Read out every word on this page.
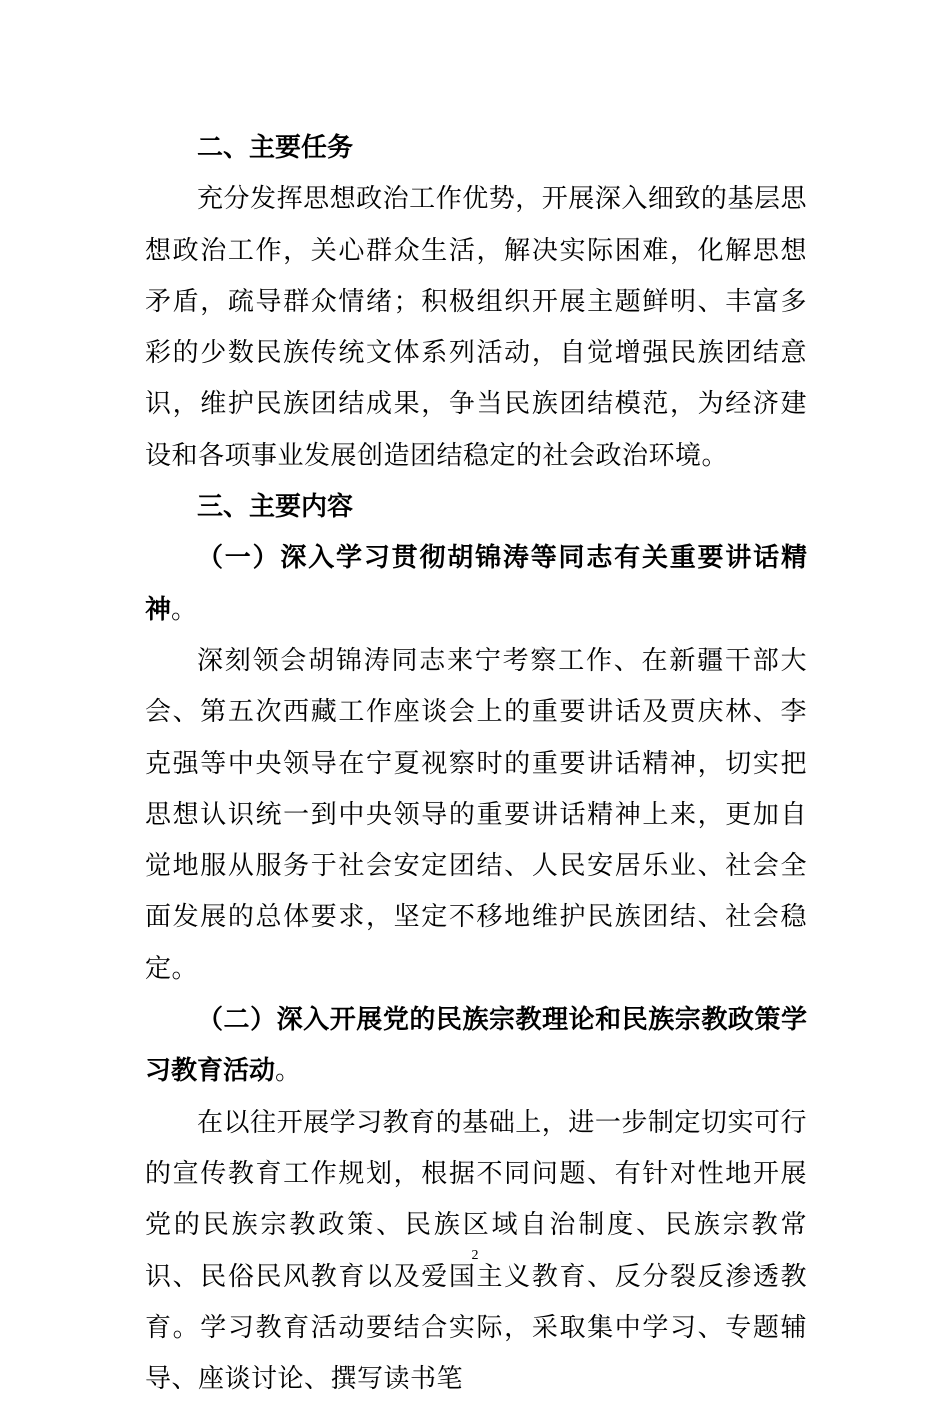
二、主要任务

充分发挥思想政治工作优势，开展深入细致的基层思想政治工作，关心群众生活，解决实际困难，化解思想矛盾，疏导群众情绪；积极组织开展主题鲜明、丰富多彩的少数民族传统文体系列活动，自觉增强民族团结意识，维护民族团结成果，争当民族团结模范，为经济建设和各项事业发展创造团结稳定的社会政治环境。

三、主要内容

（一）深入学习贯彻胡锦涛等同志有关重要讲话精神。

深刻领会胡锦涛同志来宁考察工作、在新疆干部大会、第五次西藏工作座谈会上的重要讲话及贾庆林、李克强等中央领导在宁夏视察时的重要讲话精神，切实把思想认识统一到中央领导的重要讲话精神上来，更加自觉地服从服务于社会安定团结、人民安居乐业、社会全面发展的总体要求，坚定不移地维护民族团结、社会稳定。

（二）深入开展党的民族宗教理论和民族宗教政策学习教育活动。

在以往开展学习教育的基础上，进一步制定切实可行的宣传教育工作规划，根据不同问题、有针对性地开展党的民族宗教政策、民族区域自治制度、民族宗教常识、民俗民风教育以及爱国主义教育、反分裂反渗透教育。学习教育活动要结合实际，采取集中学习、专题辅导、座谈讨论、撰写读书笔

2
